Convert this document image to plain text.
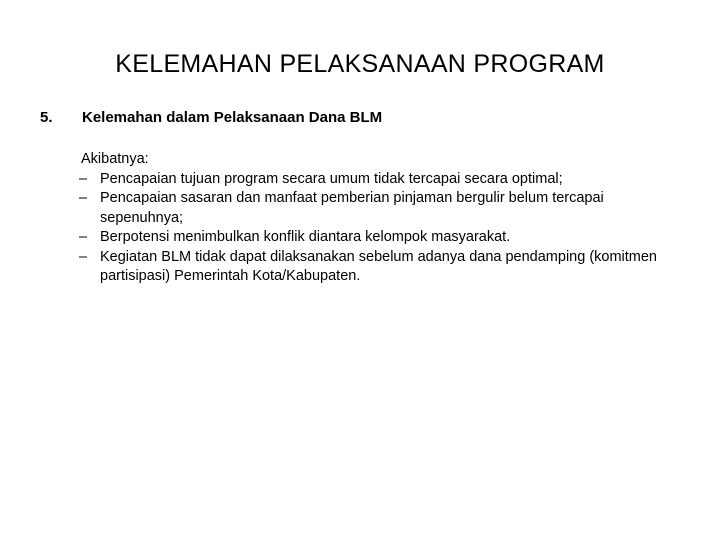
KELEMAHAN PELAKSANAAN PROGRAM
5. Kelemahan dalam Pelaksanaan Dana BLM
Akibatnya:
– Pencapaian tujuan program secara umum tidak tercapai secara optimal;
– Pencapaian sasaran dan manfaat pemberian pinjaman bergulir belum tercapai sepenuhnya;
– Berpotensi menimbulkan konflik diantara kelompok masyarakat.
– Kegiatan BLM tidak dapat dilaksanakan sebelum adanya dana pendamping (komitmen partisipasi) Pemerintah Kota/Kabupaten.
